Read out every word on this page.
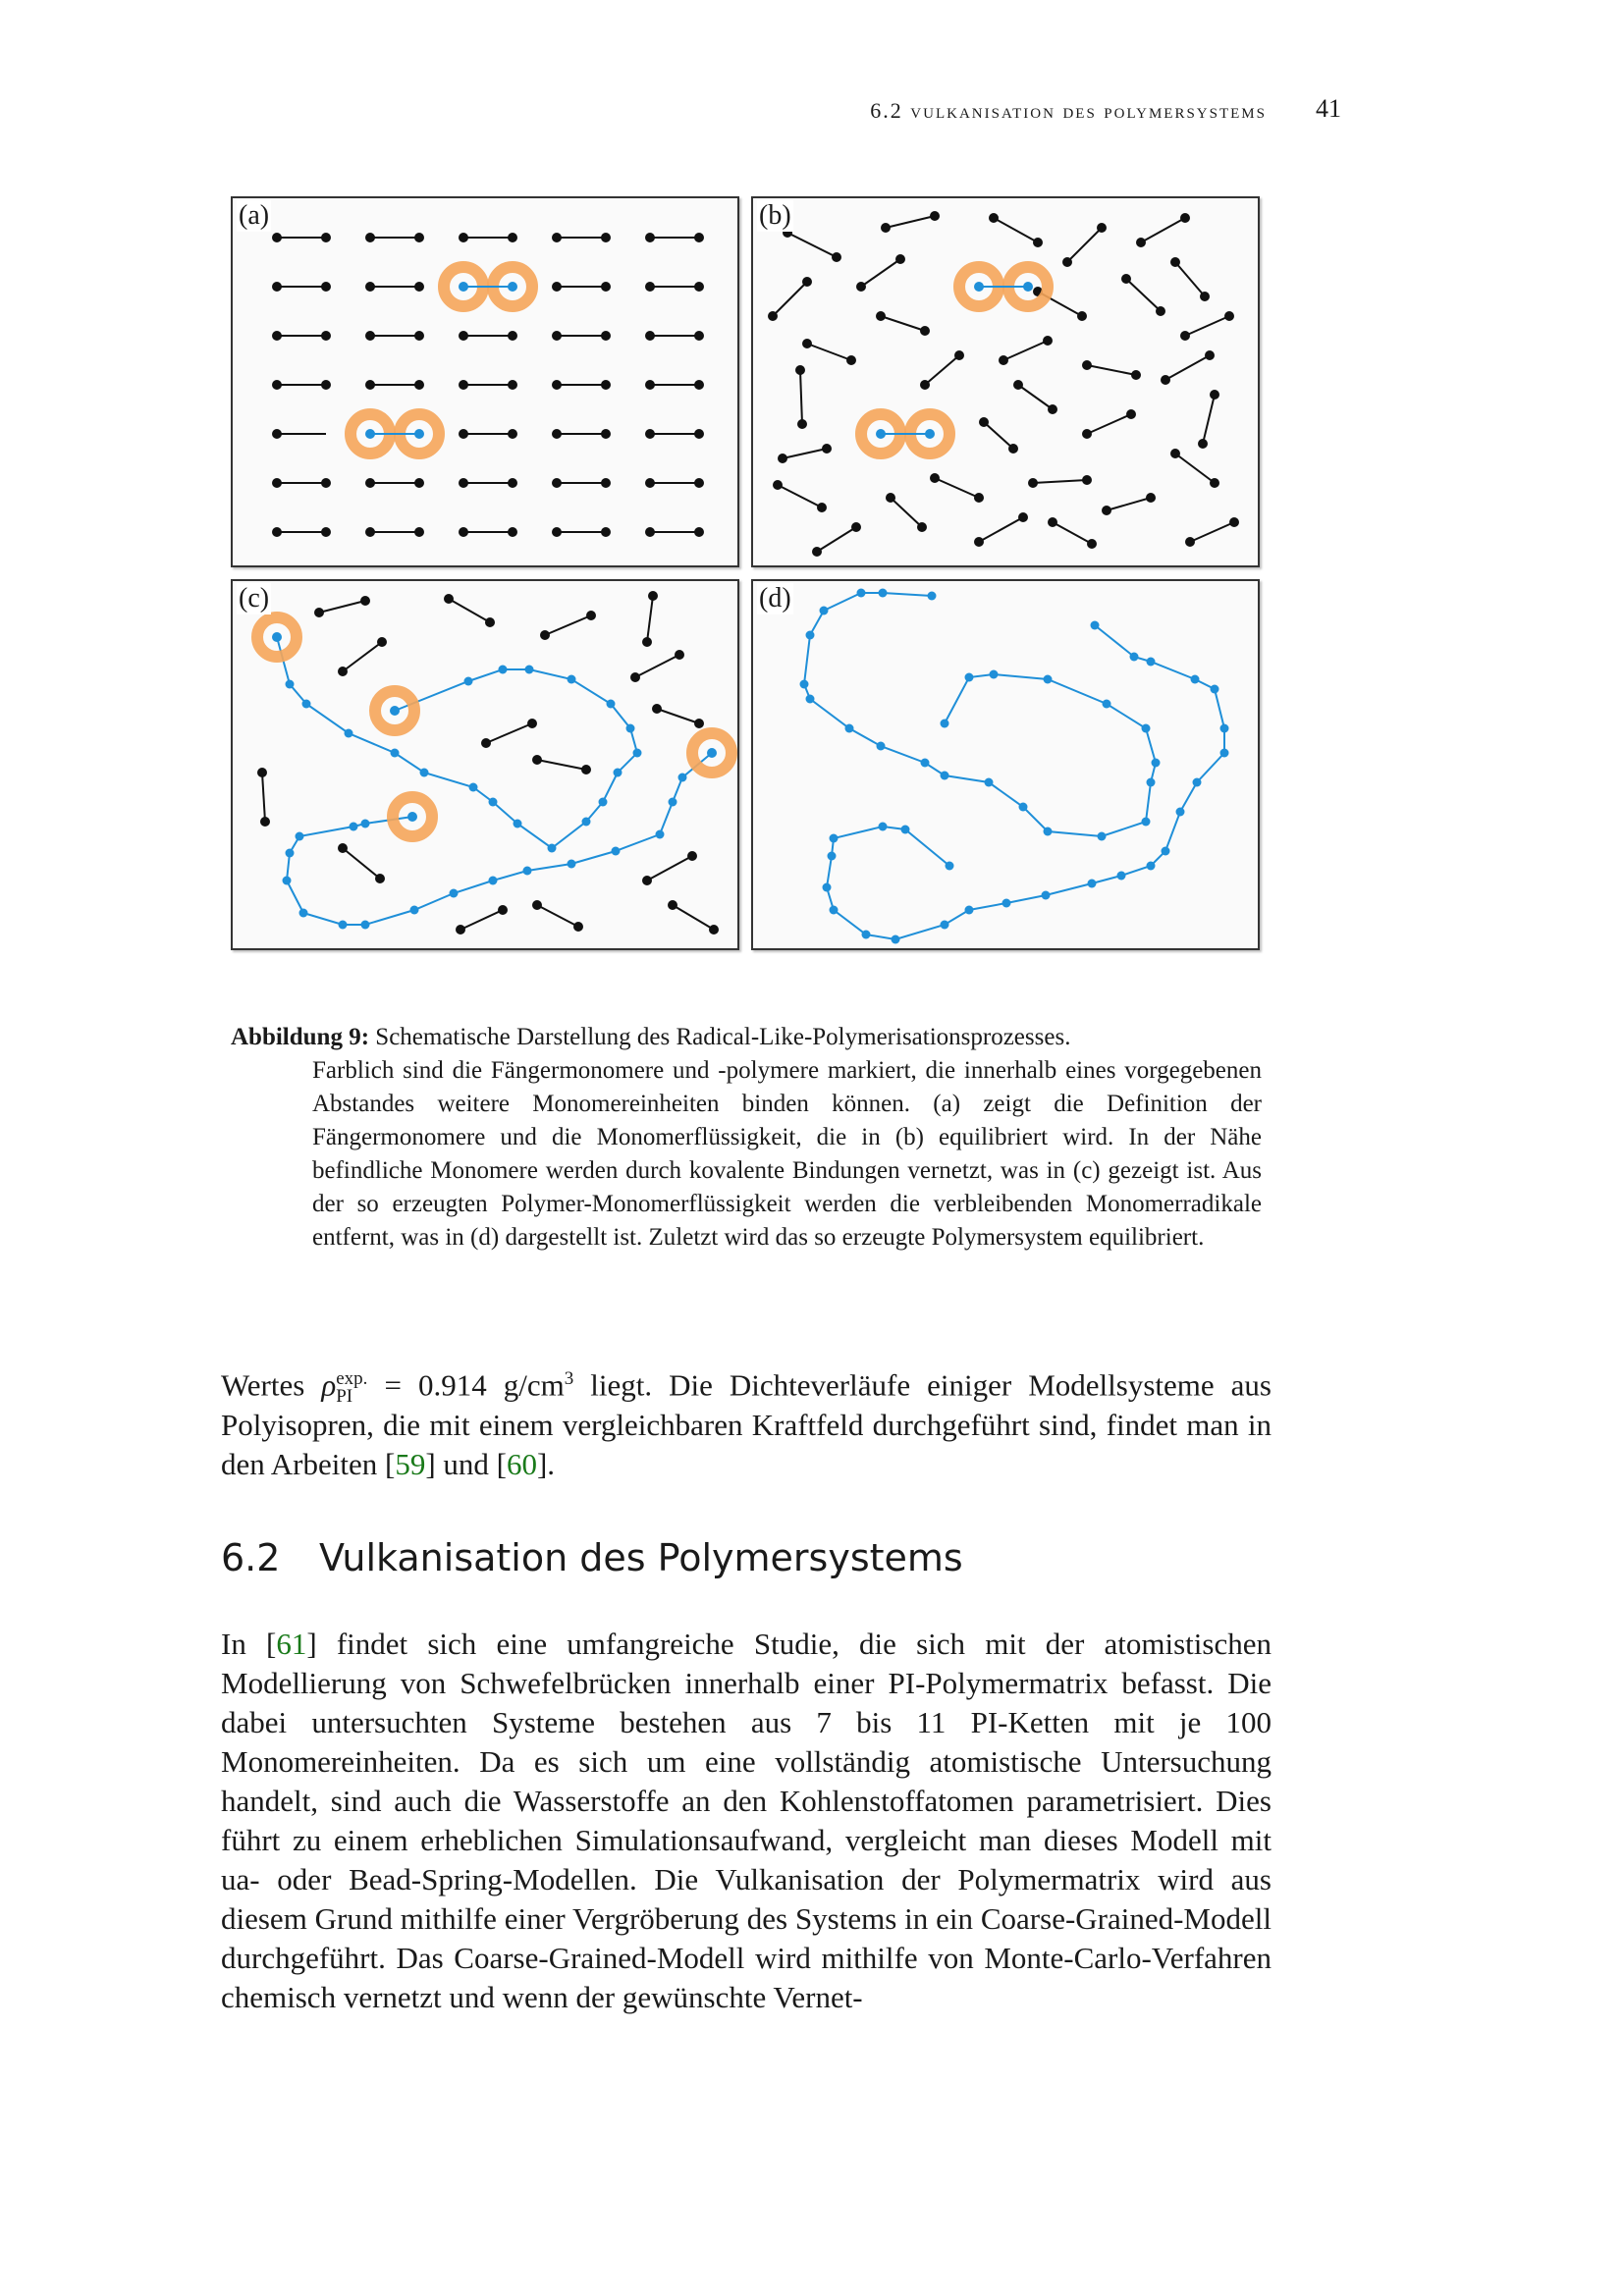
6.2 vulkanisation des polymersystems 41
(a)	(b)
(c)	(d)
Abbildung 9: Schematische Darstellung des Radical-Like-Polymerisationsprozesses.
Farblich sind die Fängermonomere und -polymere markiert, die innerhalb eines vorgegebenen Abstandes weitere Monomereinheiten binden können. (a) zeigt die Definition der Fängermonomere und die Monomerflüssigkeit, die in (b) equilibriert wird. In der Nähe befindliche Monomere werden durch kovalente Bindungen vernetzt, was in (c) gezeigt ist. Aus der so erzeugten Polymer-Monomerflüssigkeit werden die verbleibenden Monomerradikale entfernt, was in (d) dargestellt ist. Zuletzt wird das so erzeugte Polymersystem equilibriert.
Wertes ρ exp.
PI = 0.914 $g/cm^3$ liegt. Die Dichteverläufe einiger Modellsysteme aus Polyisopren, die mit einem vergleichbaren Kraftfeld durchgeführt sind, findet man in den Arbeiten [59] und [60].
6.2 Vulkanisation des Polymersystems
In [61] findet sich eine umfangreiche Studie, die sich mit der atomistischen Modellierung von Schwefelbrücken innerhalb einer PI-Polymermatrix befasst. Die dabei untersuchten Systeme bestehen aus 7 bis 11 PI-Ketten mit je 100 Monomereinheiten. Da es sich um eine vollständig atomistische Untersuchung handelt, sind auch die Wasserstoffe an den Kohlenstoffatomen parametrisiert. Dies führt zu einem erheblichen Simulationsaufwand, vergleicht man dieses Modell mit ua- oder Bead-Spring-Modellen. Die Vulkanisation der Polymermatrix wird aus diesem Grund mithilfe einer Vergröberung des Systems in ein Coarse-Grained-Modell durchgeführt. Das Coarse-Grained-Modell wird mithilfe von Monte-Carlo-Verfahren chemisch vernetzt und wenn der gewünschte Vernet-
